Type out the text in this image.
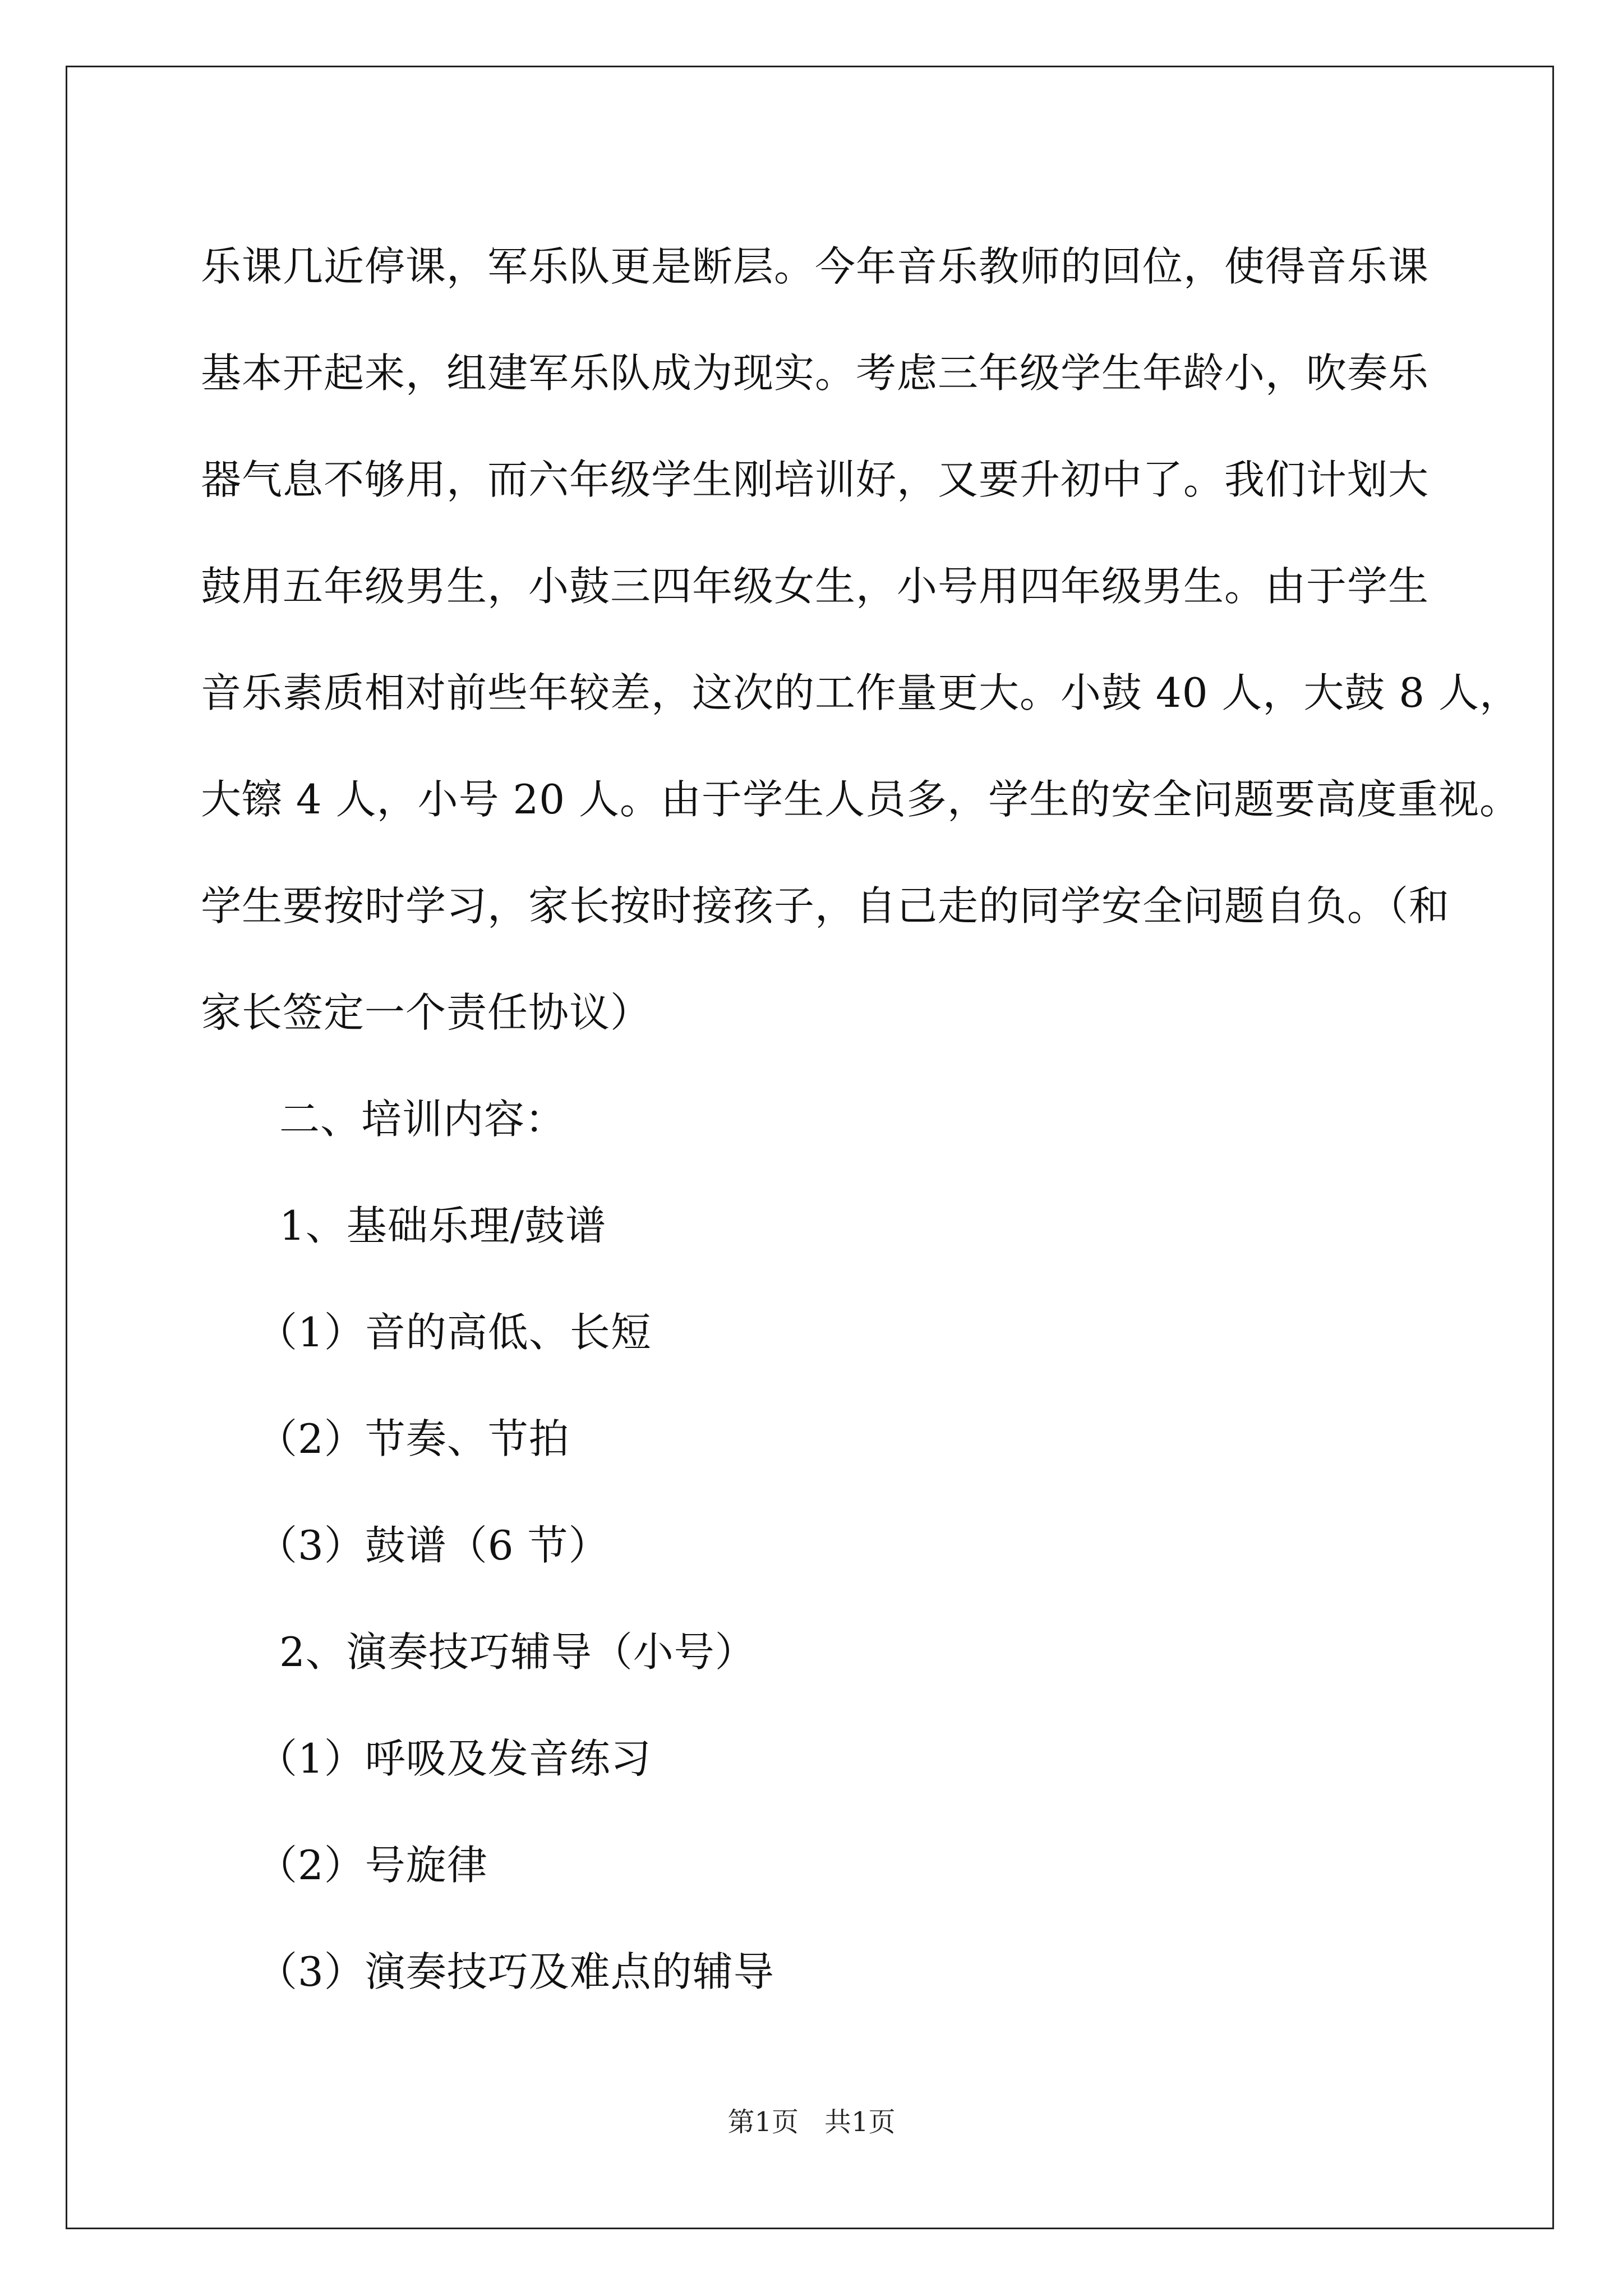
乐课几近停课，军乐队更是断层。今年音乐教师的回位，使得音乐课
基本开起来，组建军乐队成为现实。考虑三年级学生年龄小，吹奏乐
器气息不够用，而六年级学生刚培训好，又要升初中了。我们计划大
鼓用五年级男生，小鼓三四年级女生，小号用四年级男生。由于学生
音乐素质相对前些年较差，这次的工作量更大。小鼓 40 人，大鼓 8 人，
大镲 4 人，小号 20 人。由于学生人员多，学生的安全问题要高度重视。
学生要按时学习，家长按时接孩子，自己走的同学安全问题自负。（和
家长签定一个责任协议）
二、培训内容：
1、基础乐理/鼓谱
（1）音的高低、长短
（2）节奏、节拍
（3）鼓谱（6 节）
2、演奏技巧辅导（小号）
（1）呼吸及发音练习
（2）号旋律
（3）演奏技巧及难点的辅导
第1页 共1页
